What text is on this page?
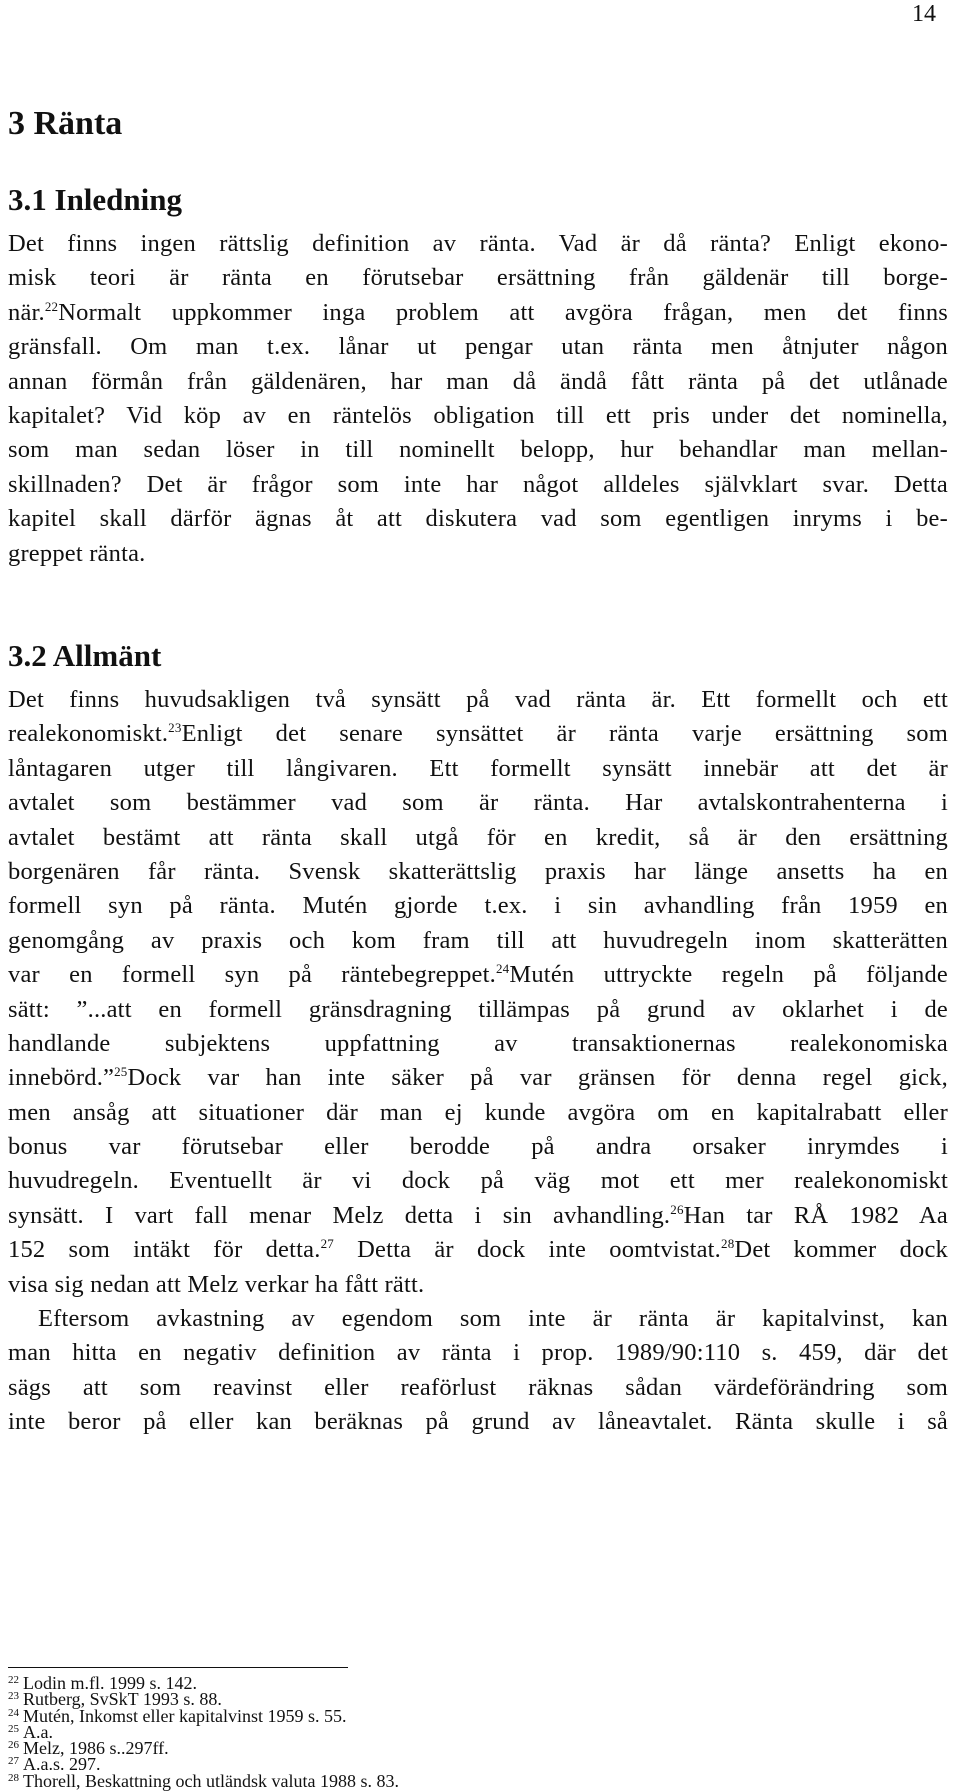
14
3 Ränta
3.1 Inledning
Det finns ingen rättslig definition av ränta. Vad är då ränta? Enligt ekono-
misk teori är ränta en förutsebar ersättning från gäldenär till borge-
när.$^{22}$Normalt uppkommer inga problem att avgöra frågan, men det finns
gränsfall. Om man t.ex. lånar ut pengar utan ränta men åtnjuter någon
annan förmån från gäldenären, har man då ändå fått ränta på det utlånade
kapitalet? Vid köp av en räntelös obligation till ett pris under det nominella,
som man sedan löser in till nominellt belopp, hur behandlar man mellan-
skillnaden? Det är frågor som inte har något alldeles självklart svar. Detta
kapitel skall därför ägnas åt att diskutera vad som egentligen inryms i be-
greppet ränta.
3.2 Allmänt
Det finns huvudsakligen två synsätt på vad ränta är. Ett formellt och ett
realekonomiskt.$^{23}$Enligt det senare synsättet är ränta varje ersättning som
låntagaren utger till långivaren. Ett formellt synsätt innebär att det är
avtalet som bestämmer vad som är ränta. Har avtalskontrahenterna i
avtalet bestämt att ränta skall utgå för en kredit, så är den ersättning
borgenären får ränta. Svensk skatterättslig praxis har länge ansetts ha en
formell syn på ränta. Mutén gjorde t.ex. i sin avhandling från 1959 en
genomgång av praxis och kom fram till att huvudregeln inom skatterätten
var en formell syn på räntebegreppet.$^{24}$Mutén uttryckte regeln på följande
sätt: ”...att en formell gränsdragning tillämpas på grund av oklarhet i de
handlande subjektens uppfattning av transaktionernas realekonomiska
innebörd.”$^{25}$Dock var han inte säker på var gränsen för denna regel gick,
men ansåg att situationer där man ej kunde avgöra om en kapitalrabatt eller
bonus var förutsebar eller berodde på andra orsaker inrymdes i
huvudregeln. Eventuellt är vi dock på väg mot ett mer realekonomiskt
synsätt. I vart fall menar Melz detta i sin avhandling.$^{26}$Han tar RÅ 1982 Aa
152 som intäkt för detta.$^{27}$ Detta är dock inte oomtvistat.$^{28}$Det kommer dock
visa sig nedan att Melz verkar ha fått rätt.
Eftersom avkastning av egendom som inte är ränta är kapitalvinst, kan
man hitta en negativ definition av ränta i prop. 1989/90:110 s. 459, där det
sägs att som reavinst eller reaförlust räknas sådan värdeförändring som
inte beror på eller kan beräknas på grund av låneavtalet. Ränta skulle i så
$^{22}$ Lodin m.fl. 1999 s. 142.
$^{23}$ Rutberg, SvSkT 1993 s. 88.
$^{24}$ Mutén, Inkomst eller kapitalvinst 1959 s. 55.
$^{25}$ A.a.
$^{26}$ Melz, 1986 s..297ff.
$^{27}$ A.a.s. 297.
$^{28}$ Thorell, Beskattning och utländsk valuta 1988 s. 83.
